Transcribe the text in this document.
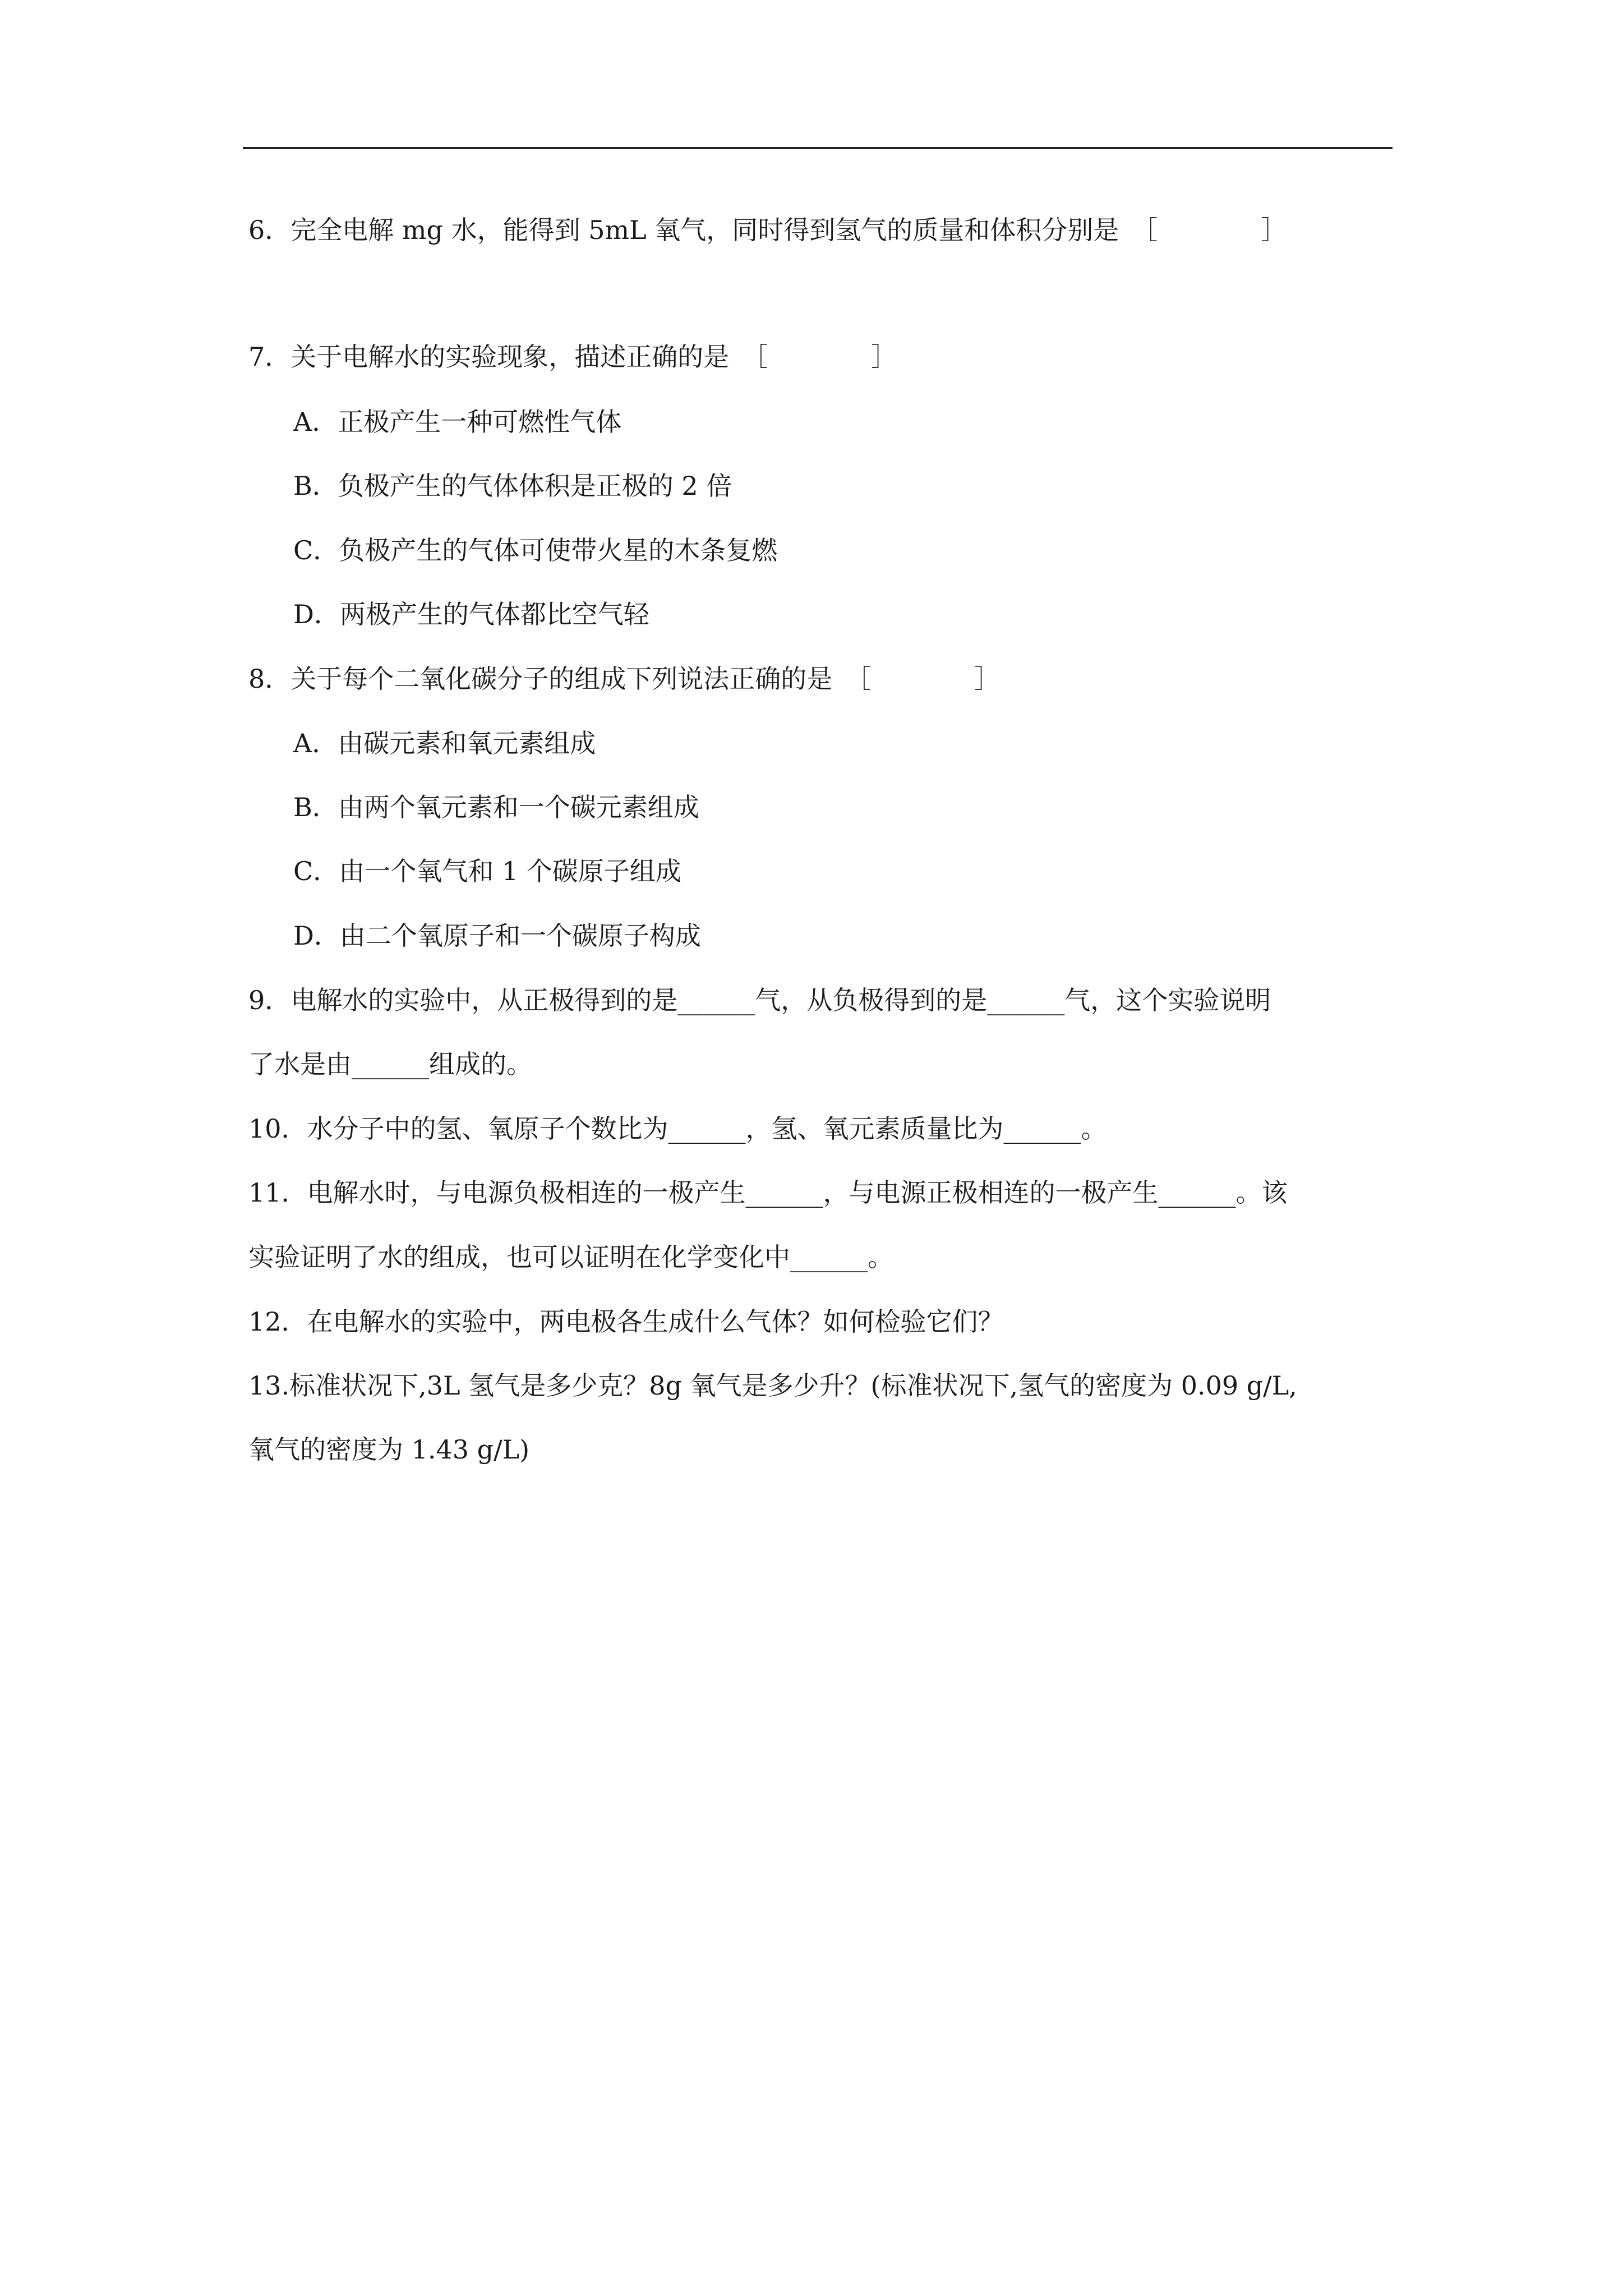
6．完全电解 mg 水，能得到 5mL 氧气，同时得到氢气的质量和体积分别是　［　　　　］
7．关于电解水的实验现象，描述正确的是　［　　　　］
A．正极产生一种可燃性气体
B．负极产生的气体体积是正极的 2 倍
C．负极产生的气体可使带火星的木条复燃
D．两极产生的气体都比空气轻
8．关于每个二氧化碳分子的组成下列说法正确的是　［　　　　］
A．由碳元素和氧元素组成
B．由两个氧元素和一个碳元素组成
C．由一个氧气和 1 个碳原子组成
D．由二个氧原子和一个碳原子构成
9．电解水的实验中，从正极得到的是______气，从负极得到的是______气，这个实验说明
了水是由______组成的。
10．水分子中的氢、氧原子个数比为______，氢、氧元素质量比为______。
11．电解水时，与电源负极相连的一极产生______，与电源正极相连的一极产生______。该
实验证明了水的组成，也可以证明在化学变化中______。
12．在电解水的实验中，两电极各生成什么气体？如何检验它们？
13.标准状况下,3L 氢气是多少克？8g 氧气是多少升？(标准状况下,氢气的密度为 0.09 g/L,
氧气的密度为 1.43 g/L)
